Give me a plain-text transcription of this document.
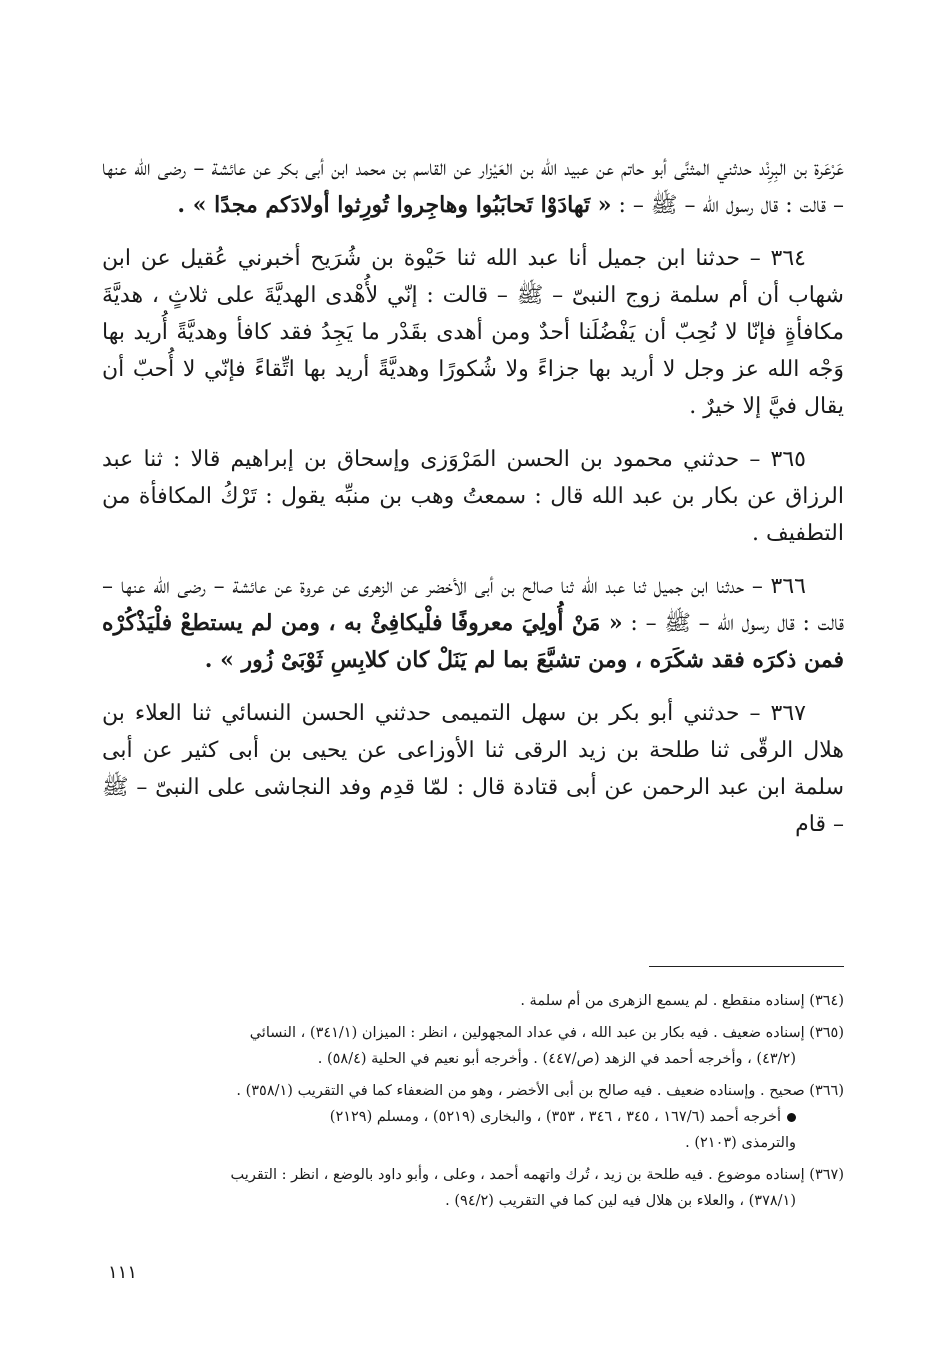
عَرْعَرة بن البِرِنْد حدثني المثنَّى أبو حاتم عن عبيد الله بن العَيْزار عن القاسم بن محمد ابن أبى بكر عن عائشة – رضى الله عنها – قالت : قال رسول الله – ﷺ – : « تَهادَوْا تَحابَبُوا وهاجِروا تُورِثوا أولادَكم مجدًا » .

٣٦٤ – حدثنا ابن جميل أنا عبد الله ثنا حَيْوة بن شُرَيح أخبرني عُقيل عن ابن شهاب أن أم سلمة زوج النبىّ – ﷺ – قالت : إنّي لأُهْدى الهديَّةَ على ثلاثٍ ، هديَّةَ مكافأةٍ فإنّا لا نُحِبّ أن يَفْضُلَنا أحدٌ ومن أهدى بقَدْر ما يَجِدُ فقد كافأ وهديَّةً أُريد بها وَجْه الله عز وجل لا أريد بها جزاءً ولا شُكورًا وهديَّةً أريد بها اتِّقاءً فإنّي لا أُحبّ أن يقال فيَّ إلا خيرٌ .

٣٦٥ – حدثني محمود بن الحسن المَرْوَزى وإسحاق بن إبراهيم قالا : ثنا عبد الرزاق عن بكار بن عبد الله قال : سمعتُ وهب بن منبِّه يقول : تَرْكُ المكافأة من التطفيف .

٣٦٦ – حدثنا ابن جميل ثنا عبد الله ثنا صالح بن أبى الأخضر عن الزهرى عن عروة عن عائشة – رضى الله عنها – قالت : قال رسول الله – ﷺ – : « مَنْ أُولِيَ معروفًا فلْيكافِئْ به ، ومن لم يستطعْ فلْيَذْكُرْه فمن ذكرَه فقد شكَرَه ، ومن تشبَّعَ بما لم يَنَلْ كان كلابِسِ ثَوْبَىْ زُور » .

٣٦٧ – حدثني أبو بكر بن سهل التميمى حدثني الحسن النسائي ثنا العلاء بن هلال الرقّى ثنا طلحة بن زيد الرقى ثنا الأوزاعى عن يحيى بن أبى كثير عن أبى سلمة ابن عبد الرحمن عن أبى قتادة قال : لمّا قدِم وفد النجاشى على النبىّ – ﷺ – قام

(٣٦٤) إسناده منقطع . لم يسمع الزهرى من أم سلمة .
(٣٦٥) إسناده ضعيف . فيه بكار بن عبد الله ، في عداد المجهولين ، انظر : الميزان (٣٤١/١) ، النسائي
(٤٣/٢) ، وأخرجه أحمد في الزهد (ص/٤٤٧) . وأخرجه أبو نعيم في الحلية (٥٨/٤) .
(٣٦٦) صحيح . وإسناده ضعيف . فيه صالح بن أبى الأخضر ، وهو من الضعفاء كما في التقريب (٣٥٨/١) .
أخرجه أحمد (١٦٧/٦ ، ٣٤٥ ، ٣٤٦ ، ٣٥٣) ، والبخارى (٥٢١٩) ، ومسلم (٢١٢٩)
والترمذى (٢١٠٣) .
(٣٦٧) إسناده موضوع . فيه طلحة بن زيد ، تُرك واتهمه أحمد ، وعلى ، وأبو داود بالوضع ، انظر : التقريب
(٣٧٨/١) ، والعلاء بن هلال فيه لين كما في التقريب (٩٤/٢) .
١١١
